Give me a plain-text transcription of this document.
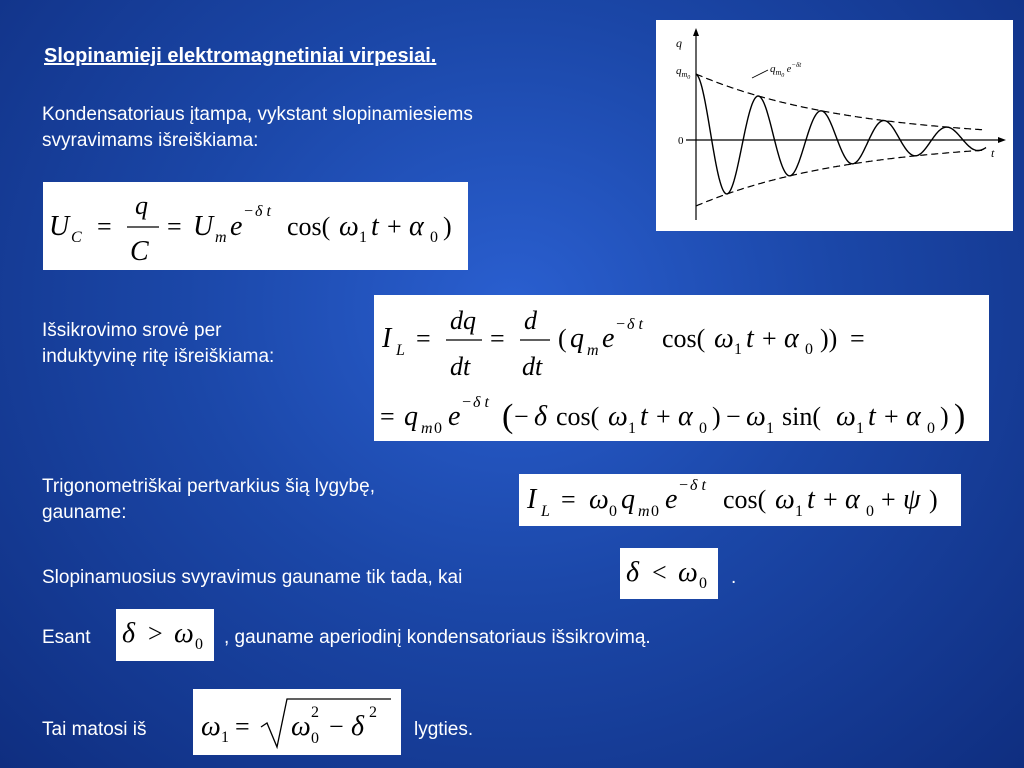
Slopinamieji elektromagnetiniai virpesiai.
Kondensatoriaus įtampa, vykstant slopinamiesiems
svyravimams išreiškiama:
Išsikrovimo srovė per
induktyvinę ritę išreiškiama:
Trigonometriškai pertvarkius šią lygybę,
gauname:
Slopinamuosius svyravimus gauname tik tada, kai	.
Esant	, gauname aperiodinį kondensatoriaus išsikrovimą.
Tai matosi iš	lygties.
q
t
0
$q_m0$
$q_m0$ $e^{-\delta t}$
U C =
q
C
= U m e − δ t
cos( ω 1 t + α 0 )
I L =
dq
dt
=
d
dt
( q m e − δ t cos( ω 1 t + α 0 )) =
= q m 0 e − δ t ( − δ cos( ω 1 t + α 0 ) − ω 1 sin( ω 1 t + α 0 ) )
I L = ω 0 q m 0 e − δ t cos( ω 1 t + α 0 + ψ )
δ < ω 0
δ > ω 0
ω 1 = ω 2
0 − δ 2
